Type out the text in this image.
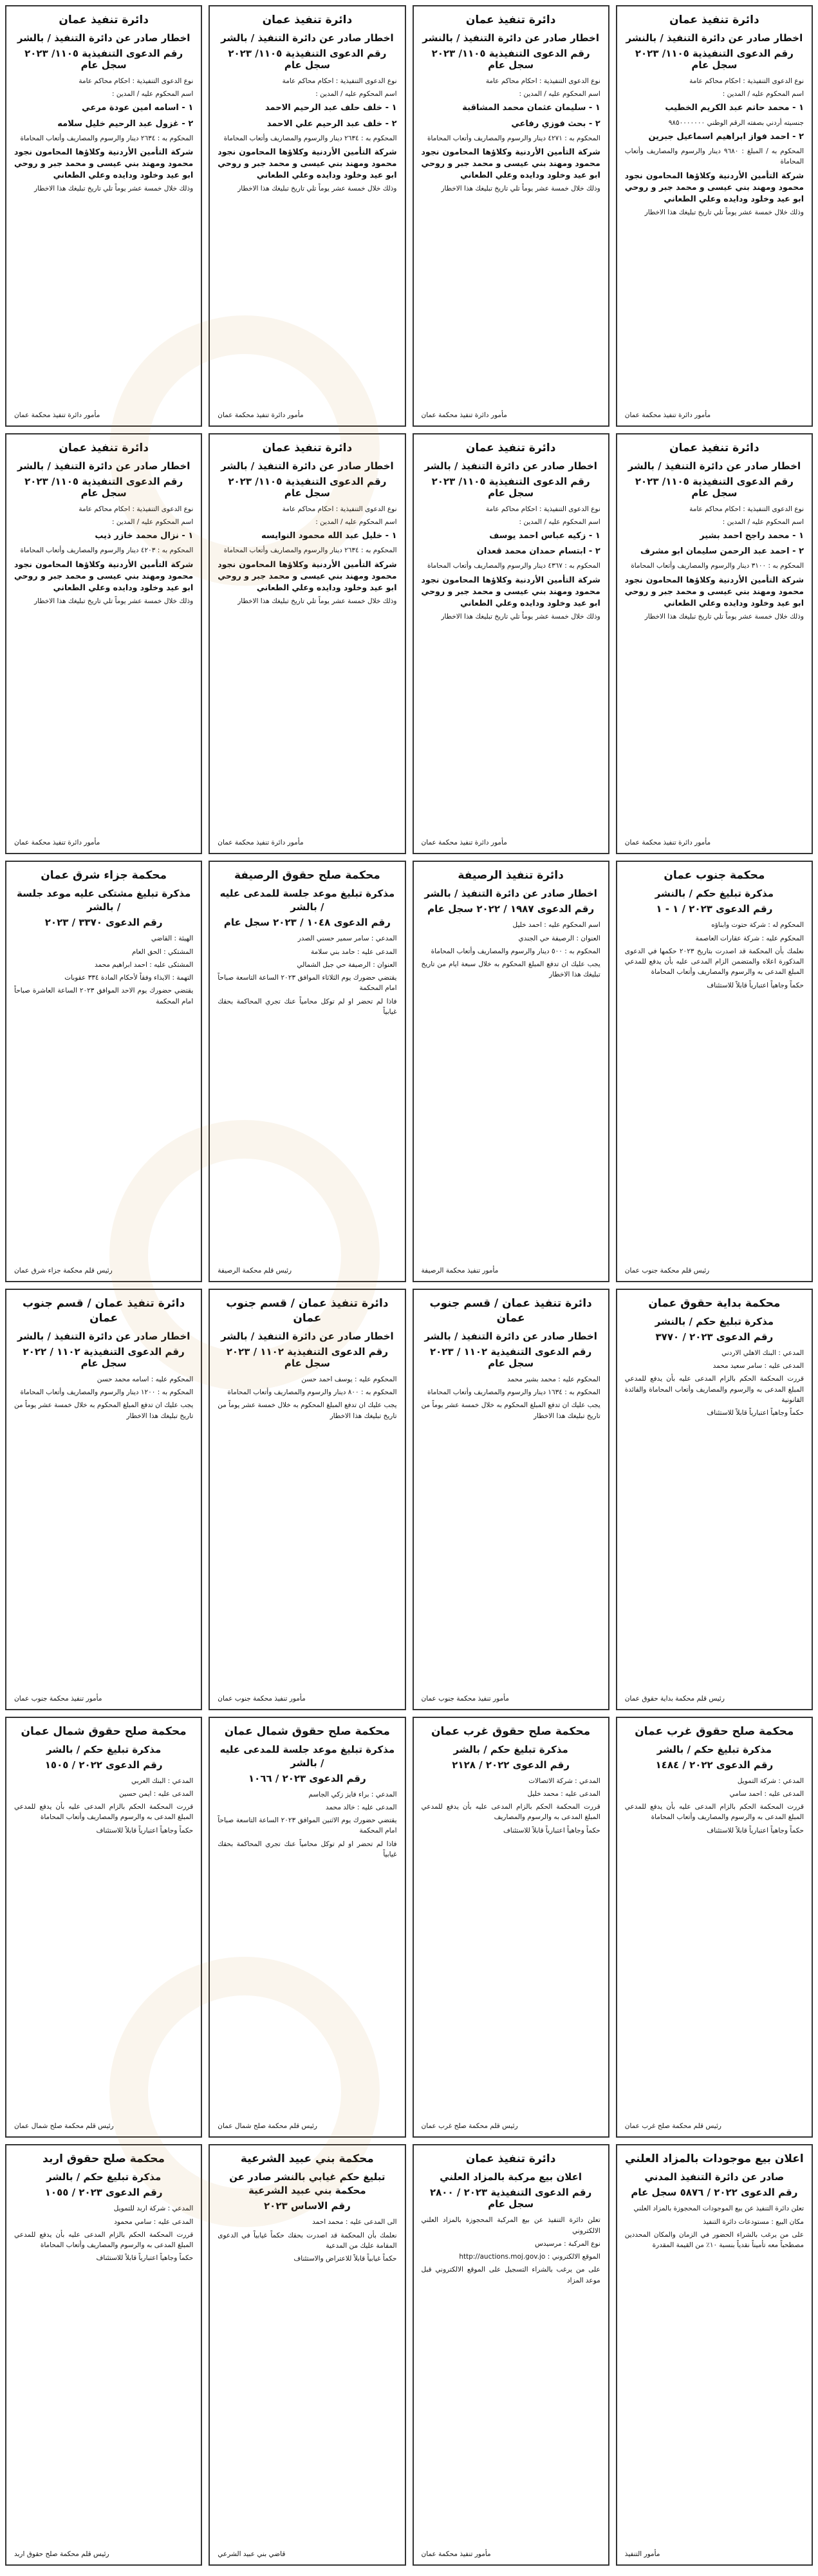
دائرة تنفيذ عمان
اخطار صادر عن دائرة التنفيذ / بالنشر
رقم الدعوى التنفيذية ١١٠٥/ ٢٠٢٣ سجل عام

نوع الدعوى التنفيذية : احكام محاكم عامة

اسم المحكوم عليه / المدين :

١ - محمد حاتم عبد الكريم الخطيب

جنسيته أردني بصفته الرقم الوطني ٩٨٥٠٠٠٠٠٠٠

٢ - احمد فواز ابراهيم اسماعيل جبرين

المحكوم به / المبلغ : ٩٦٨٠ دينار والرسوم والمصاريف وأتعاب المحاماة

شركة التأمين الأردنية وكلاؤها المحامون نجود محمود ومهند بني عيسى و محمد جبر و روحي ابو عيد وخلود ودايده وعلي الطعاني

وذلك خلال خمسة عشر يوماً تلي تاريخ تبليغك هذا الاخطار

مأمور دائرة تنفيذ محكمة عمان
دائرة تنفيذ عمان
اخطار صادر عن دائرة التنفيذ / بالنشر
رقم الدعوى التنفيذية ١١٠٥/ ٢٠٢٣ سجل عام

نوع الدعوى التنفيذية : احكام محاكم عامة

اسم المحكوم عليه / المدين :

١ - سليمان عثمان محمد المشاقبة

٢ - بحث فوزي رفاعي

المحكوم به : ٤٢٧١ دينار والرسوم والمصاريف وأتعاب المحاماة

شركة التأمين الأردنية وكلاؤها المحامون نجود محمود ومهند بني عيسى و محمد جبر و روحي ابو عيد وخلود ودايده وعلي الطعاني

وذلك خلال خمسة عشر يوماً تلي تاريخ تبليغك هذا الاخطار

مأمور دائرة تنفيذ محكمة عمان
دائرة تنفيذ عمان
اخطار صادر عن دائرة التنفيذ / بالشر
رقم الدعوى التنفيذية ١١٠٥/ ٢٠٢٣ سجل عام

نوع الدعوى التنفيذية : احكام محاكم عامة

اسم المحكوم عليه / المدين :

١ - خلف حلف عبد الرحيم الاحمد

٢ - خلف عبد الرحيم علي الاحمد

المحكوم به : ٢٦٣٤ دينار والرسوم والمصاريف وأتعاب المحاماة

شركة التأمين الأردنية وكلاؤها المحامون نجود محمود ومهند بني عيسى و محمد جبر و روحي ابو عيد وخلود ودايده وعلي الطعاني

وذلك خلال خمسة عشر يوماً تلي تاريخ تبليغك هذا الاخطار

مأمور دائرة تنفيذ محكمة عمان
دائرة تنفيذ عمان
اخطار صادر عن دائرة التنفيذ / بالشر
رقم الدعوى التنفيذية ١١٠٥/ ٢٠٢٣ سجل عام

نوع الدعوى التنفيذية : احكام محاكم عامة

اسم المحكوم عليه / المدين :

١ - اسامه امين عودة مرعي

٢ - غزول عبد الرحيم خليل سلامه

المحكوم به : ٢٦٣٤ دينار والرسوم والمصاريف وأتعاب المحاماة

شركة التأمين الأردنية وكلاؤها المحامون نجود محمود ومهند بني عيسى و محمد جبر و روحي ابو عيد وخلود ودايده وعلي الطعاني

وذلك خلال خمسة عشر يوماً تلي تاريخ تبليغك هذا الاخطار

مأمور دائرة تنفيذ محكمة عمان
دائرة تنفيذ عمان
اخطار صادر عن دائرة التنفيذ / بالشر
رقم الدعوى التنفيذية ١١٠٥/ ٢٠٢٣ سجل عام

نوع الدعوى التنفيذية : احكام محاكم عامة

اسم المحكوم عليه / المدين :

١ - محمد راجح احمد بشير

٢ - احمد عبد الرحمن سليمان ابو مشرف

المحكوم به : ٣١٠٠ دينار والرسوم والمصاريف وأتعاب المحاماة

شركة التأمين الأردنية وكلاؤها المحامون نجود محمود ومهند بني عيسى و محمد جبر و روحي ابو عيد وخلود ودايده وعلي الطعاني

وذلك خلال خمسة عشر يوماً تلي تاريخ تبليغك هذا الاخطار

مأمور دائرة تنفيذ محكمة عمان
دائرة تنفيذ عمان
اخطار صادر عن دائرة التنفيذ / بالشر
رقم الدعوى التنفيذية ١١٠٥/ ٢٠٢٣ سجل عام

نوع الدعوى التنفيذية : احكام محاكم عامة

اسم المحكوم عليه / المدين :

١ - زكيه عباس احمد يوسف

٢ - ابتسام حمدان محمد قعدان

المحكوم به : ٤٣٦٧ دينار والرسوم والمصاريف وأتعاب المحاماة

شركة التأمين الأردنية وكلاؤها المحامون نجود محمود ومهند بني عيسى و محمد جبر و روحي ابو عيد وخلود ودايده وعلي الطعاني

وذلك خلال خمسة عشر يوماً تلي تاريخ تبليغك هذا الاخطار

مأمور دائرة تنفيذ محكمة عمان
دائرة تنفيذ عمان
اخطار صادر عن دائرة التنفيذ / بالشر
رقم الدعوى التنفيذية ١١٠٥/ ٢٠٢٣ سجل عام

نوع الدعوى التنفيذية : احكام محاكم عامة

اسم المحكوم عليه / المدين :

١ - خليل عبد الله محمود النوايسه

المحكوم به : ٢٦٣٤ دينار والرسوم والمصاريف وأتعاب المحاماة

شركة التأمين الأردنية وكلاؤها المحامون نجود محمود ومهند بني عيسى و محمد جبر و روحي ابو عيد وخلود ودايده وعلي الطعاني

وذلك خلال خمسة عشر يوماً تلي تاريخ تبليغك هذا الاخطار

مأمور دائرة تنفيذ محكمة عمان
دائرة تنفيذ عمان
اخطار صادر عن دائرة التنفيذ / بالشر
رقم الدعوى التنفيذية ١١٠٥/ ٢٠٢٣ سجل عام

نوع الدعوى التنفيذية : احكام محاكم عامة

اسم المحكوم عليه / المدين :

١ - نزال محمد خازر ذيب

المحكوم به : ٤٢٠٣ دينار والرسوم والمصاريف وأتعاب المحاماة

شركة التأمين الأردنية وكلاؤها المحامون نجود محمود ومهند بني عيسى و محمد جبر و روحي ابو عيد وخلود ودايده وعلي الطعاني

وذلك خلال خمسة عشر يوماً تلي تاريخ تبليغك هذا الاخطار

مأمور دائرة تنفيذ محكمة عمان
محكمة جنوب عمان
مذكرة تبليغ حكم / بالنشر
رقم الدعوى ٢٠٢٣ / ١ - ١

المحكوم له : شركة حتوت وابناؤه

المحكوم عليه : شركة عقارات العاصمة

نعلمك بأن المحكمة قد اصدرت بتاريخ ٢٠٢٣ حكمها في الدعوى المذكورة اعلاه والمتضمن الزام المدعى عليه بأن يدفع للمدعي المبلغ المدعى به والرسوم والمصاريف وأتعاب المحاماة

حكماً وجاهياً اعتبارياً قابلاً للاستئناف

رئيس قلم محكمة جنوب عمان
دائرة تنفيذ الرصيفة
اخطار صادر عن دائرة التنفيذ / بالشر
رقم الدعوى ١٩٨٧ / ٢٠٢٢ سجل عام

اسم المحكوم عليه : احمد خليل

العنوان : الرصيفة حي الجندي

المحكوم به : ٥٠٠ دينار والرسوم والمصاريف وأتعاب المحاماة

يجب عليك ان تدفع المبلغ المحكوم به خلال سبعة ايام من تاريخ تبليغك هذا الاخطار

مأمور تنفيذ محكمة الرصيفة
محكمة صلح حقوق الرصيفة
مذكرة تبليغ موعد جلسة للمدعى عليه / بالشر
رقم الدعوى ١٠٤٨ / ٢٠٢٣ سجل عام

المدعي : سامر سمير حسني الصدر

المدعى عليه : حامد بني سلامة

العنوان : الرصيفة حي جبل الشمالي

يقتضي حضورك يوم الثلاثاء الموافق ٢٠٢٣ الساعة التاسعة صباحاً امام المحكمة

فاذا لم تحضر او لم توكل محامياً عنك تجري المحاكمة بحقك غيابياً

رئيس قلم محكمة الرصيفة
محكمة جزاء شرق عمان
مذكرة تبليغ مشتكى عليه موعد جلسة / بالشر
رقم الدعوى ٣٣٧٠ / ٢٠٢٣

الهيئة : القاضي

المشتكي : الحق العام

المشتكى عليه : احمد ابراهيم محمد

التهمة : الايذاء وفقاً لأحكام المادة ٣٣٤ عقوبات

يقتضي حضورك يوم الاحد الموافق ٢٠٢٣ الساعة العاشرة صباحاً امام المحكمة

رئيس قلم محكمة جزاء شرق عمان
محكمة بداية حقوق عمان
مذكرة تبليغ حكم / بالنشر
رقم الدعوى ٢٠٢٣ / ٣٧٧٠

المدعي : البنك الاهلي الاردني

المدعى عليه : سامر سعيد محمد

قررت المحكمة الحكم بالزام المدعى عليه بأن يدفع للمدعي المبلغ المدعى به والرسوم والمصاريف وأتعاب المحاماة والفائدة القانونية

حكماً وجاهياً اعتبارياً قابلاً للاستئناف

رئيس قلم محكمة بداية حقوق عمان
دائرة تنفيذ عمان / قسم جنوب عمان
اخطار صادر عن دائرة التنفيذ / بالشر
رقم الدعوى التنفيذية ١١٠٢ / ٢٠٢٣ سجل عام

المحكوم عليه : محمد بشير محمد

المحكوم به : ١٦٣٤ دينار والرسوم والمصاريف وأتعاب المحاماة

يجب عليك ان تدفع المبلغ المحكوم به خلال خمسة عشر يوماً من تاريخ تبليغك هذا الاخطار

مأمور تنفيذ محكمة جنوب عمان
دائرة تنفيذ عمان / قسم جنوب عمان
اخطار صادر عن دائرة التنفيذ / بالشر
رقم الدعوى التنفيذية ١١٠٢ / ٢٠٢٣ سجل عام

المحكوم عليه : يوسف احمد حسن

المحكوم به : ٨٠٠ دينار والرسوم والمصاريف وأتعاب المحاماة

يجب عليك ان تدفع المبلغ المحكوم به خلال خمسة عشر يوماً من تاريخ تبليغك هذا الاخطار

مأمور تنفيذ محكمة جنوب عمان
دائرة تنفيذ عمان / قسم جنوب عمان
اخطار صادر عن دائرة التنفيذ / بالشر
رقم الدعوى التنفيذية ١١٠٢ / ٢٠٢٢ سجل عام

المحكوم عليه : اسامه محمد حسن

المحكوم به : ١٢٠٠ دينار والرسوم والمصاريف وأتعاب المحاماة

يجب عليك ان تدفع المبلغ المحكوم به خلال خمسة عشر يوماً من تاريخ تبليغك هذا الاخطار

مأمور تنفيذ محكمة جنوب عمان
محكمة صلح حقوق غرب عمان
مذكرة تبليغ حكم / بالشر
رقم الدعوى ٢٠٢٢ / ١٤٨٤

المدعي : شركة التمويل

المدعى عليه : احمد سامي

قررت المحكمة الحكم بالزام المدعى عليه بأن يدفع للمدعي المبلغ المدعى به والرسوم والمصاريف وأتعاب المحاماة

حكماً وجاهياً اعتبارياً قابلاً للاستئناف

رئيس قلم محكمة صلح غرب عمان
محكمة صلح حقوق غرب عمان
مذكرة تبليغ حكم / بالشر
رقم الدعوى ٢٠٢٢ / ٢١٢٨

المدعي : شركة الاتصالات

المدعى عليه : محمد خليل

قررت المحكمة الحكم بالزام المدعى عليه بأن يدفع للمدعي المبلغ المدعى به والرسوم والمصاريف

حكماً وجاهياً اعتبارياً قابلاً للاستئناف

رئيس قلم محكمة صلح غرب عمان
محكمة صلح حقوق شمال عمان
مذكرة تبليغ موعد جلسة للمدعى عليه / بالشر
رقم الدعوى ٢٠٢٣ / ١٠٦٦

المدعي : براء فايز زكي الجاسم

المدعى عليه : خالد محمد

يقتضي حضورك يوم الاثنين الموافق ٢٠٢٣ الساعة التاسعة صباحاً امام المحكمة

فاذا لم تحضر او لم توكل محامياً عنك تجري المحاكمة بحقك غيابياً

رئيس قلم محكمة صلح شمال عمان
محكمة صلح حقوق شمال عمان
مذكرة تبليغ حكم / بالشر
رقم الدعوى ٢٠٢٢ / ١٥٠٥

المدعي : البنك العربي

المدعى عليه : ايمن حسين

قررت المحكمة الحكم بالزام المدعى عليه بأن يدفع للمدعي المبلغ المدعى به والرسوم والمصاريف وأتعاب المحاماة

حكماً وجاهياً اعتبارياً قابلاً للاستئناف

رئيس قلم محكمة صلح شمال عمان
اعلان بيع موجودات بالمزاد العلني
صادر عن دائرة التنفيذ المدني
رقم الدعوى ٢٠٢٢ / ٥٨٧٦ سجل عام

تعلن دائرة التنفيذ عن بيع الموجودات المحجوزة بالمزاد العلني

مكان البيع : مستودعات دائرة التنفيذ

على من يرغب بالشراء الحضور في الزمان والمكان المحددين مصطحباً معه تأميناً نقدياً بنسبة ١٠٪ من القيمة المقدرة

مأمور التنفيذ
دائرة تنفيذ عمان
اعلان بيع مركبة بالمزاد العلني
رقم الدعوى التنفيذية ٢٠٢٣ / ٢٨٠٠ سجل عام

تعلن دائرة التنفيذ عن بيع المركبة المحجوزة بالمزاد العلني الالكتروني

نوع المركبة : مرسيدس

الموقع الالكتروني : http://auctions.moj.gov.jo

على من يرغب بالشراء التسجيل على الموقع الالكتروني قبل موعد المزاد

مأمور تنفيذ محكمة عمان
محكمة بني عبيد الشرعية
تبليغ حكم غيابي بالنشر صادر عن محكمة بني عبيد الشرعية
رقم الاساس ٢٠٢٣

الى المدعى عليه : محمد احمد

نعلمك بأن المحكمة قد اصدرت بحقك حكماً غيابياً في الدعوى المقامة عليك من المدعية

حكماً غيابياً قابلاً للاعتراض والاستئناف

قاضي بني عبيد الشرعي
محكمة صلح حقوق اربد
مذكرة تبليغ حكم / بالشر
رقم الدعوى ٢٠٢٣ / ١٠٥٥

المدعي : شركة اربد للتمويل

المدعى عليه : سامي محمود

قررت المحكمة الحكم بالزام المدعى عليه بأن يدفع للمدعي المبلغ المدعى به والرسوم والمصاريف وأتعاب المحاماة

حكماً وجاهياً اعتبارياً قابلاً للاستئناف

رئيس قلم محكمة صلح حقوق اربد
